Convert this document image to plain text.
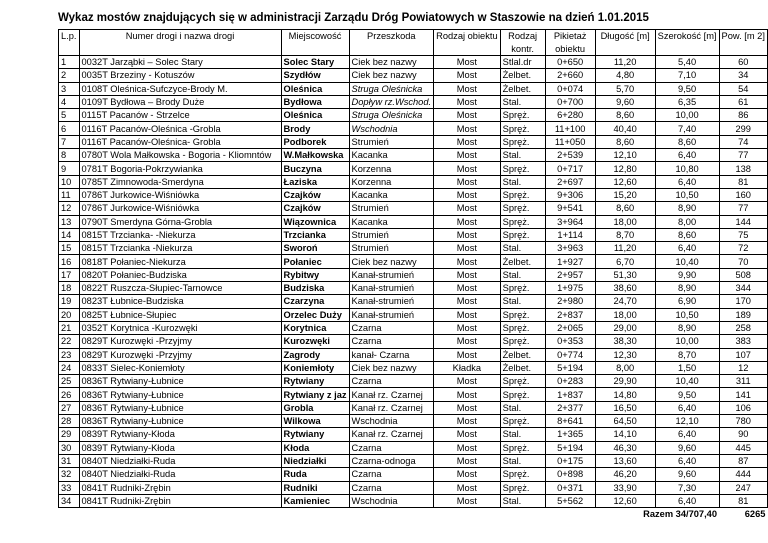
Wykaz mostów znajdujących się w administracji Zarządu Dróg Powiatowych w Staszowie na dzień 1.01.2015
L.p.	Numer drogi i nazwa drogi	Miejscowość	Przeszkoda	Rodzaj obiektu	Rodzaj	Pikietaż	Długość [m]	Szerokość [m]	Pow. [m 2]
					kontr.	obiektu			
1	0032T Jarząbki – Solec Stary	Solec Stary	Ciek bez nazwy	Most	Stlal.dr	0+650	11,20	5,40	60
2	0035T Brzeziny - Kotuszów	Szydłów	Ciek bez nazwy	Most	Żelbet.	2+660	4,80	7,10	34
3	0108T Oleśnica-Sufczyce-Brody M.	Oleśnica	Struga Oleśnicka	Most	Żelbet.	0+074	5,70	9,50	54
4	0109T Bydłowa – Brody Duże	Bydłowa	Dopływ rz.Wschod.	Most	Stal.	0+700	9,60	6,35	61
5	0115T Pacanów - Strzelce	Oleśnica	Struga Oleśnicka	Most	Spręż.	6+280	8,60	10,00	86
6	0116T Pacanów-Oleśnica -Grobla	Brody	Wschodnia	Most	Spręż.	11+100	40,40	7,40	299
7	0116T Pacanów-Oleśnica- Grobla	Podborek	Strumień	Most	Spręż.	11+050	8,60	8,60	74
8	0780T Wola Małkowska - Bogoria - Kliomntów	W.Małkowska	Kacanka	Most	Stal.	2+539	12,10	6,40	77
9	0781T Bogoria-Pokrzywianka	Buczyna	Korzenna	Most	Spręż.	0+717	12,80	10,80	138
10	0785T Zimnowoda-Smerdyna	Łaziska	Korzenna	Most	Stal.	2+697	12,60	6,40	81
11	0786T Jurkowice-Wiśniówka	Czajków	Kacanka	Most	Spręż.	9+306	15,20	10,50	160
12	0786T Jurkowice-Wiśniówka	Czajków	Strumień	Most	Spręż.	9+541	8,60	8,90	77
13	0790T Smerdyna Górna-Grobla	Wiązownica	Kacanka	Most	Spręż.	3+964	18,00	8,00	144
14	0815T Trzcianka- -Niekurza	Trzcianka	Strumień	Most	Spręż.	1+114	8,70	8,60	75
15	0815T Trzcianka -Niekurza	Sworoń	Strumień	Most	Stal.	3+963	11,20	6,40	72
16	0818T Połaniec-Niekurza	Połaniec	Ciek bez nazwy	Most	Żelbet.	1+927	6,70	10,40	70
17	0820T Połaniec-Budziska	Rybitwy	Kanał-strumień	Most	Stal.	2+957	51,30	9,90	508
18	0822T Ruszcza-Słupiec-Tarnowce	Budziska	Kanał-strumień	Most	Spręż.	1+975	38,60	8,90	344
19	0823T Łubnice-Budziska	Czarzyna	Kanał-strumień	Most	Stal.	2+980	24,70	6,90	170
20	0825T Łubnice-Słupiec	Orzelec Duży	Kanał-strumień	Most	Spręż.	2+837	18,00	10,50	189
21	0352T Korytnica -Kurozwęki	Korytnica	Czarna	Most	Spręż.	2+065	29,00	8,90	258
22	0829T Kurozwęki -Przyjmy	Kurozwęki	Czarna	Most	Spręż.	0+353	38,30	10,00	383
23	0829T Kurozwęki -Przyjmy	Zagrody	kanał- Czarna	Most	Żelbet.	0+774	12,30	8,70	107
24	0833T Sielec-Koniemłoty	Koniemłoty	Ciek bez nazwy	Kładka	Żelbet.	5+194	8,00	1,50	12
25	0836T Rytwiany-Łubnice	Rytwiany	Czarna	Most	Spręż.	0+283	29,90	10,40	311
26	0836T Rytwiany-Łubnice	Rytwiany z jaz	Kanał rz. Czarnej	Most	Spręż.	1+837	14,80	9,50	141
27	0836T Rytwiany-Łubnice	Grobla	Kanał rz. Czarnej	Most	Stal.	2+377	16,50	6,40	106
28	0836T Rytwiany-Łubnice	Wilkowa	Wschodnia	Most	Spręż.	8+641	64,50	12,10	780
29	0839T Rytwiany-Kłoda	Rytwiany	Kanał rz. Czarnej	Most	Stal.	1+365	14,10	6,40	90
30	0839T Rytwiany-Kłoda	Kłoda	Czarna	Most	Spręż.	5+194	46,30	9,60	445
31	0840T Niedziałki-Ruda	Niedziałki	Czarna-odnoga	Most	Stal.	0+175	13,60	6,40	87
32	0840T Niedziałki-Ruda	Ruda	Czarna	Most	Spręż.	0+898	46,20	9,60	444
33	0841T Rudniki-Zrębin	Rudniki	Czarna	Most	Spręż.	0+371	33,90	7,30	247
34	0841T Rudniki-Zrębin	Kamieniec	Wschodnia	Most	Stal.	5+562	12,60	6,40	81
							Razem 34/707,40		6265
